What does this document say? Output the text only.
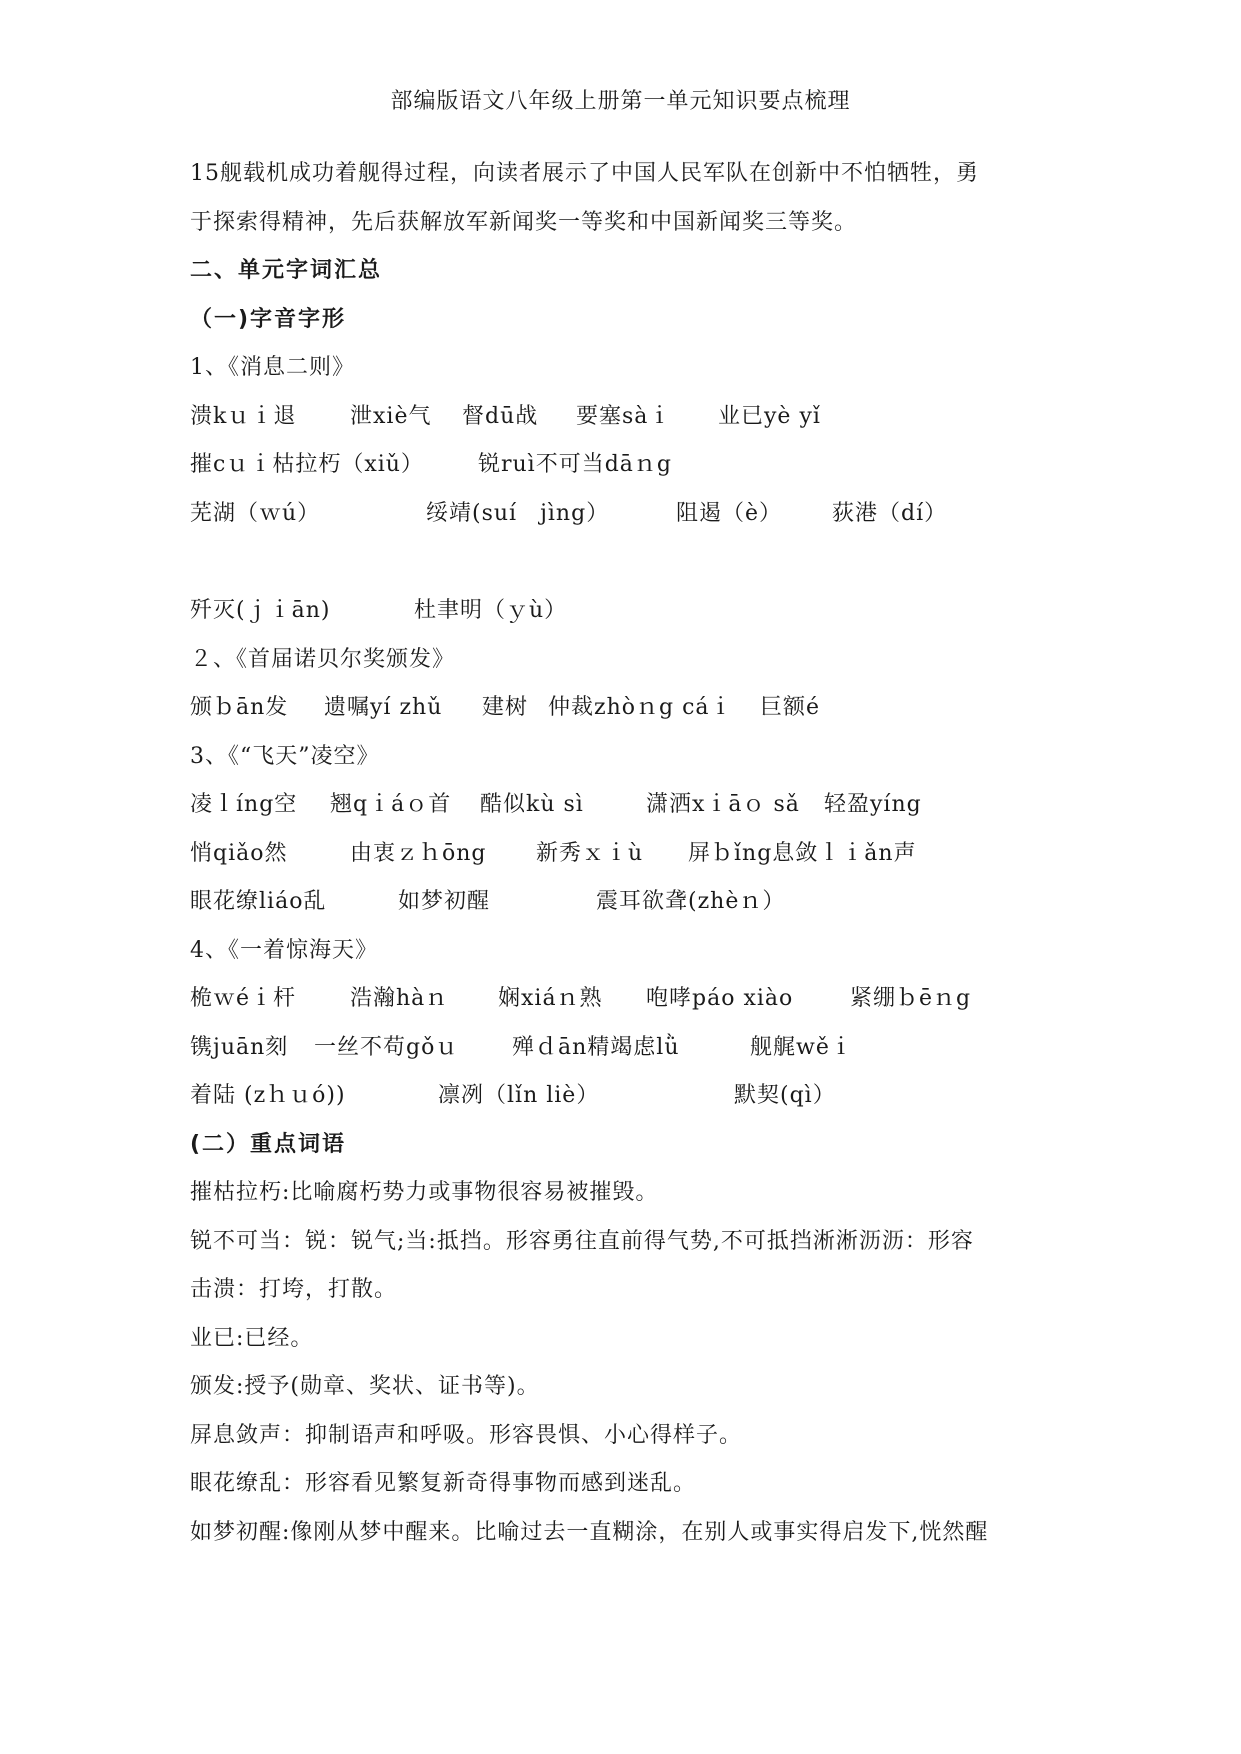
部编版语文八年级上册第一单元知识要点梳理
15舰载机成功着舰得过程，向读者展示了中国人民军队在创新中不怕牺牲，勇
于探索得精神，先后获解放军新闻奖一等奖和中国新闻奖三等奖。
二、单元字词汇总
（一)字音字形
1、《消息二则》
溃kｕｉ退 泄xiè气 督dū战 要塞sàｉ 业已yè yǐ
摧cｕｉ枯拉朽（xiǔ） 锐ruì不可当dāｎg
芜湖（ｗú）	绥靖(suí　jìng）	阻遏（è） 荻港（dí）
歼灭(ｊｉān)	杜聿明（ｙù）
２、《首届诺贝尔奖颁发》
颁ｂān发 遗嘱yí zhǔ 建树 仲裁zhòｎg cáｉ 巨额é
3、《“飞天”凌空》
凌ｌíng空 翘qｉáｏ首 酷似kù sì	潇洒xｉāｏ sǎ 轻盈yíng
悄qiǎo然	由衷ｚｈōng 新秀ｘｉù 屏ｂǐng息敛ｌｉǎn声
眼花缭liáo乱	如梦初醒	震耳欲聋(zhèｎ）
4、《一着惊海天》
桅ｗéｉ杆 浩瀚hàｎ 娴xiáｎ熟 咆哮páo xiào	紧绷ｂēｎg
镌juān刻 一丝不苟gǒｕ 殚ｄān精竭虑lǜ	舰艉wěｉ
着陆 (zｈｕó))	凛冽（lǐn liè）	默契(qì）
(二）重点词语
摧枯拉朽:比喻腐朽势力或事物很容易被摧毁。
锐不可当：锐：锐气;当:抵挡。形容勇往直前得气势,不可抵挡淅淅沥沥：形容
击溃：打垮，打散。
业已:已经。
颁发:授予(勋章、奖状、证书等)。
屏息敛声：抑制语声和呼吸。形容畏惧、小心得样子。
眼花缭乱：形容看见繁复新奇得事物而感到迷乱。
如梦初醒:像刚从梦中醒来。比喻过去一直糊涂，在别人或事实得启发下,恍然醒
